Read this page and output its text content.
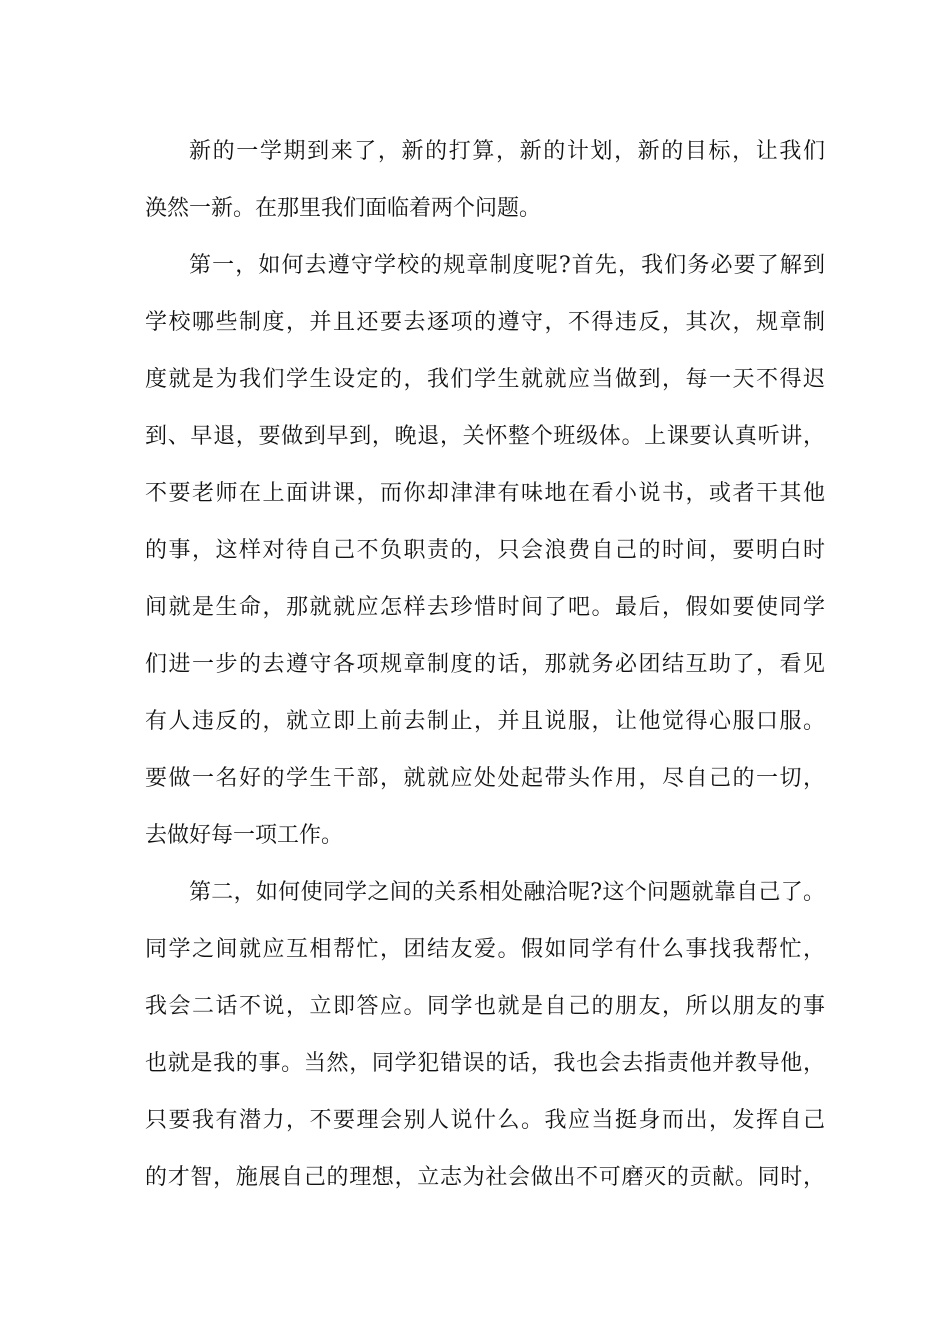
新的一学期到来了，新的打算，新的计划，新的目标，让我们
涣然一新。在那里我们面临着两个问题。
第一，如何去遵守学校的规章制度呢?首先，我们务必要了解到
学校哪些制度，并且还要去逐项的遵守，不得违反，其次，规章制
度就是为我们学生设定的，我们学生就就应当做到，每一天不得迟
到、早退，要做到早到，晚退，关怀整个班级体。上课要认真听讲，
不要老师在上面讲课，而你却津津有味地在看小说书，或者干其他
的事，这样对待自己不负职责的，只会浪费自己的时间，要明白时
间就是生命，那就就应怎样去珍惜时间了吧。最后，假如要使同学
们进一步的去遵守各项规章制度的话，那就务必团结互助了，看见
有人违反的，就立即上前去制止，并且说服，让他觉得心服口服。
要做一名好的学生干部，就就应处处起带头作用，尽自己的一切，
去做好每一项工作。
第二，如何使同学之间的关系相处融洽呢?这个问题就靠自己了。
同学之间就应互相帮忙，团结友爱。假如同学有什么事找我帮忙，
我会二话不说，立即答应。同学也就是自己的朋友，所以朋友的事
也就是我的事。当然，同学犯错误的话，我也会去指责他并教导他，
只要我有潜力，不要理会别人说什么。我应当挺身而出，发挥自己
的才智，施展自己的理想，立志为社会做出不可磨灭的贡献。同时，
